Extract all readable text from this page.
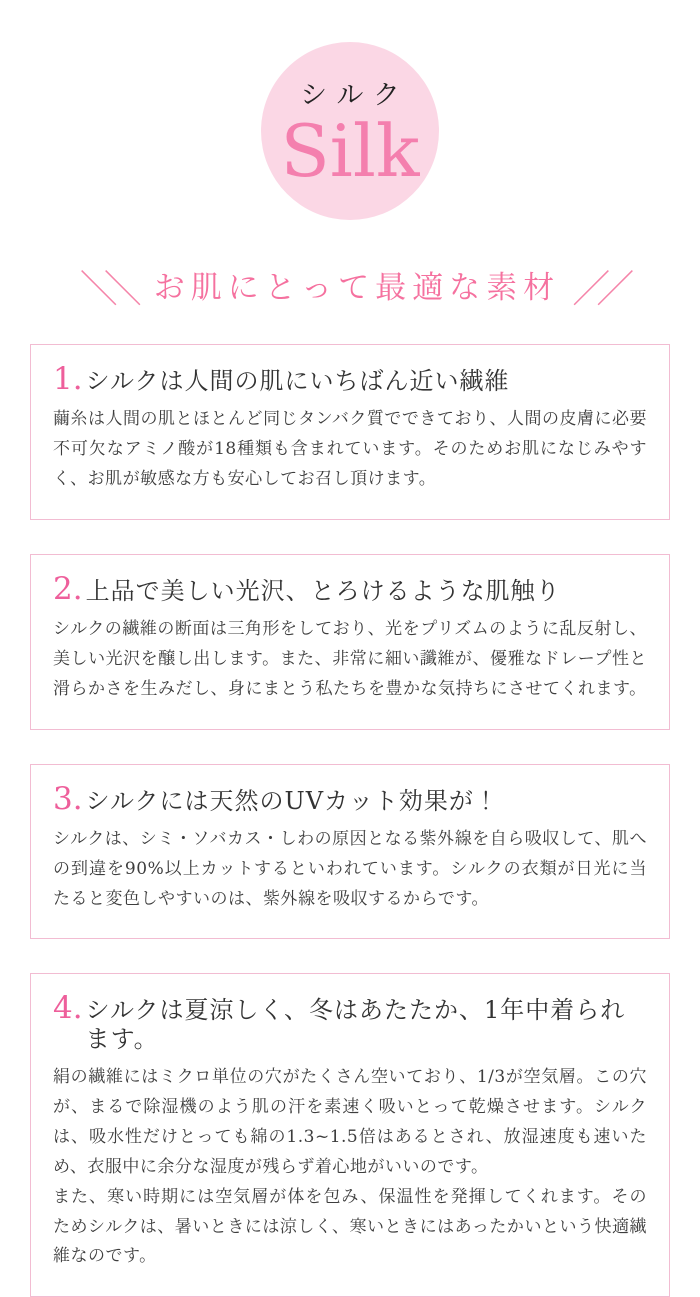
シルク
Silk
＼＼ お肌にとって最適な素材 ／／
1. シルクは人間の肌にいちばん近い繊維

繭糸は人間の肌とほとんど同じタンバク質でできており、人間の皮膚に必要不可欠なアミノ酸が18種類も含まれています。そのためお肌になじみやすく、お肌が敏感な方も安心してお召し頂けます。

2. 上品で美しい光沢、とろけるような肌触り

シルクの繊維の断面は三角形をしており、光をプリズムのように乱反射し、美しい光沢を醸し出します。また、非常に細い讖維が、優雅なドレープ性と滑らかさを生みだし、身にまとう私たちを豊かな気持ちにさせてくれます。

3. シルクには天然のUVカット効果が！

シルクは、シミ・ソバカス・しわの原因となる紫外線を自ら吸収して、肌への到違を90%以上カットするといわれています。シルクの衣類が日光に当たると変色しやすいのは、紫外線を吸収するからです。

4. シルクは夏涼しく、冬はあたたか、1年中着られます。

絹の繊維にはミクロ単位の穴がたくさん空いており、1/3が空気層。この穴が、まるで除湿機のよう肌の汗を素速く吸いとって乾燥させます。シルクは、吸水性だけとっても綿の1.3~1.5倍はあるとされ、放湿速度も速いため、衣服中に余分な湿度が残らず着心地がいいのです。

また、寒い時期には空気層が体を包み、保温性を発揮してくれます。そのためシルクは、暑いときには涼しく、寒いときにはあったかいという快適繊維なのです。
